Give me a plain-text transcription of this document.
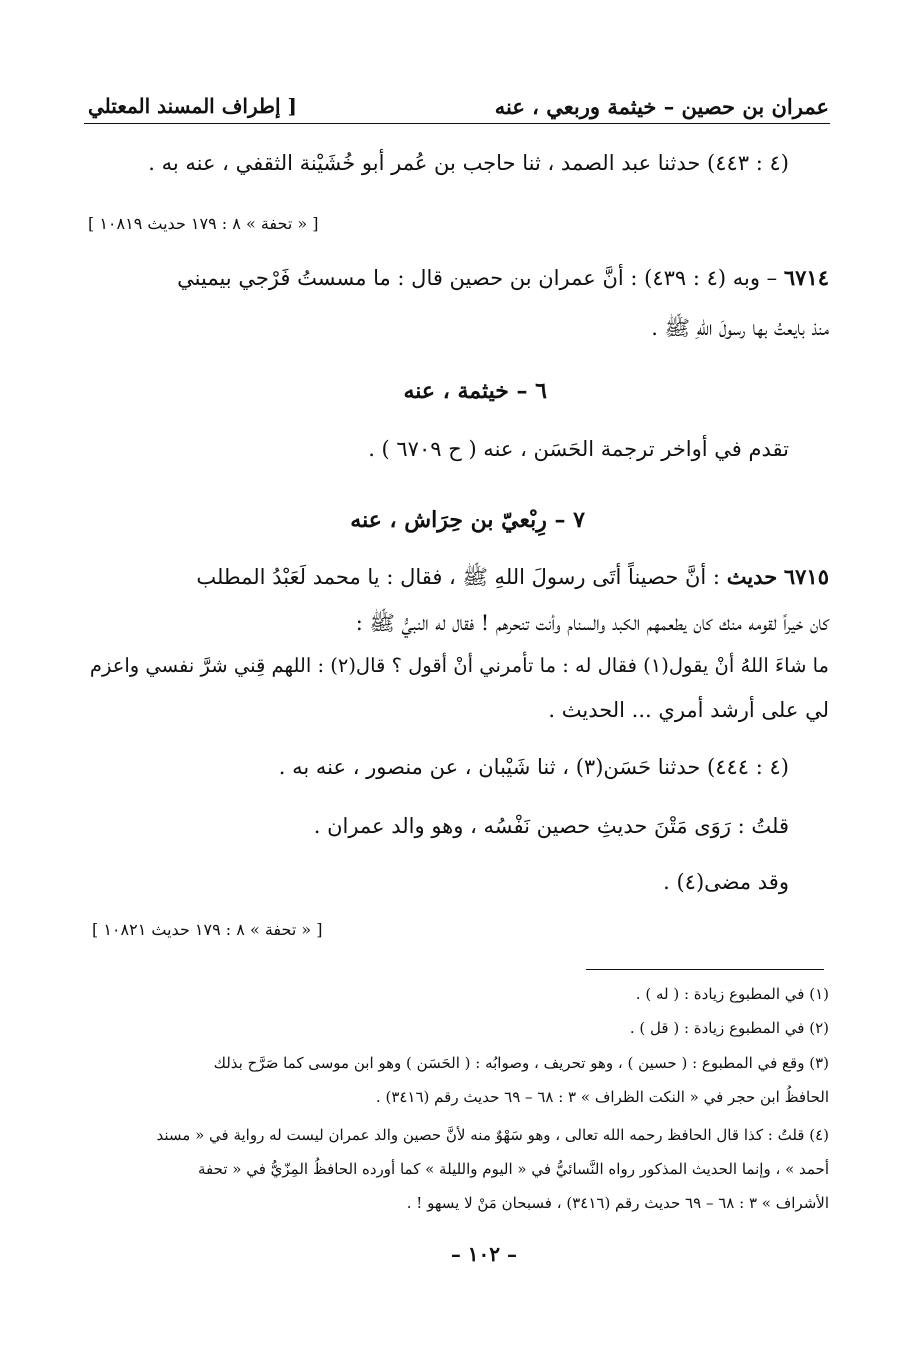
عمران بن حصين – خيثمة وربعي ، عنه
[ إطراف المسند المعتلي
(٤ : ٤٤٣) حدثنا عبد الصمد ، ثنا حاجب بن عُمر أبو خُشَيْنة الثقفي ، عنه به .
[ « تحفة » ٨ : ١٧٩ حديث ١٠٨١٩ ]
٦٧١٤ – وبه (٤ : ٤٣٩) : أنَّ عمران بن حصين قال : ما مسستُ فَرْجي بيميني
منذ بايعتُ بها رسولَ اللهِ ﷺ .
٦ – خيثمة ، عنه
تقدم في أواخر ترجمة الحَسَن ، عنه ( ح ٦٧٠٩ ) .
٧ – رِبْعيّ بن حِرَاش ، عنه
٦٧١٥ حديث : أنَّ حصيناً أتَى رسولَ اللهِ ﷺ ، فقال : يا محمد لَعَبْدُ المطلب
كان خيراً لقومه منك كان يطعمهم الكبد والسنام وأنت تنحرهم ! فقال له النبيُّ ﷺ :
ما شاءَ اللهُ أنْ يقول(١) فقال له : ما تأمرني أنْ أقول ؟ قال(٢) : اللهم قِني شرَّ نفسي واعزم
لي على أرشد أمري ... الحديث .
(٤ : ٤٤٤) حدثنا حَسَن(٣) ، ثنا شَيْبان ، عن منصور ، عنه به .
قلتُ : رَوَى مَتْنَ حديثِ حصين نَفْسُه ، وهو والد عمران .
وقد مضى(٤) .
[ « تحفة » ٨ : ١٧٩ حديث ١٠٨٢١ ]
(١) في المطبوع زيادة : ( له ) .
(٢) في المطبوع زيادة : ( قل ) .
(٣) وقع في المطبوع : ( حسين ) ، وهو تحريف ، وصوابُه : ( الحَسَن ) وهو ابن موسى كما صَرَّح بذلك
الحافظُ ابن حجر في « النكت الظراف » ٣ : ٦٨ – ٦٩ حديث رقم (٣٤١٦) .
(٤) قلتُ : كذا قال الحافظ رحمه الله تعالى ، وهو سَهْوٌ منه لأنَّ حصين والد عمران ليست له رواية في « مسند
أحمد » ، وإنما الحديث المذكور رواه النَّسائيُّ في « اليوم والليلة » كما أورده الحافظُ المِزّيُّ في « تحفة
الأشراف » ٣ : ٦٨ – ٦٩ حديث رقم (٣٤١٦) ، فسبحان مَنْ لا يسهو ! .
– ١٠٢ –
